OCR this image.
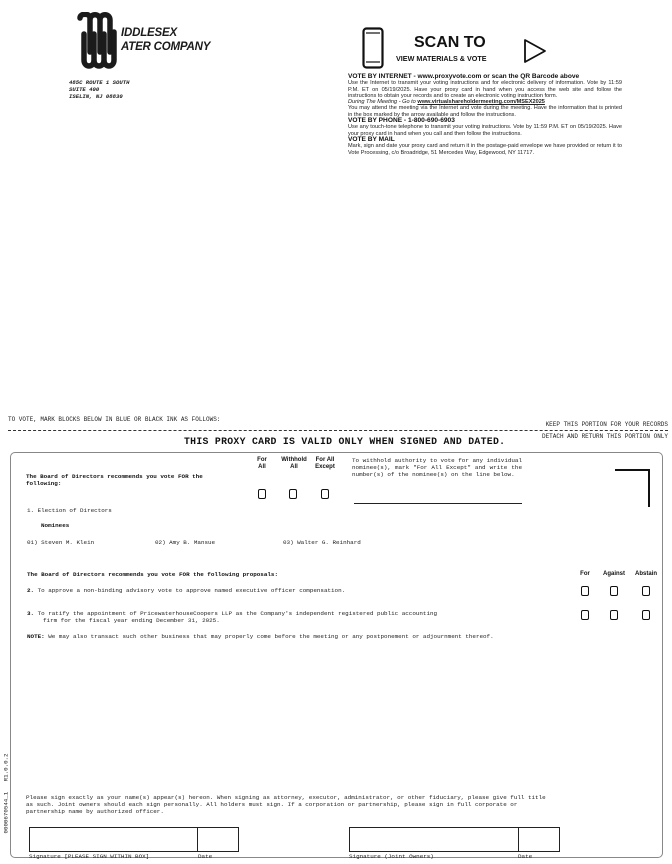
IDDLESEX
ATER COMPANY
485C ROUTE 1 SOUTH
SUITE 400
ISELIN, NJ 08830
SCAN TO
VIEW MATERIALS & VOTE
VOTE BY INTERNET - www.proxyvote.com or scan the QR Barcode above
Use the Internet to transmit your voting instructions and for electronic delivery of information. Vote by 11:59 P.M. ET on 05/19/2025. Have your proxy card in hand when you access the web site and follow the instructions to obtain your records and to create an electronic voting instruction form.
During The Meeting - Go to www.virtualshareholdermeeting.com/MSEX2025
You may attend the meeting via the Internet and vote during the meeting. Have the information that is printed in the box marked by the arrow available and follow the instructions.
VOTE BY PHONE - 1-800-690-6903
Use any touch-tone telephone to transmit your voting instructions. Vote by 11:59 P.M. ET on 05/19/2025. Have your proxy card in hand when you call and then follow the instructions.
VOTE BY MAIL
Mark, sign and date your proxy card and return it in the postage-paid envelope we have provided or return it to Vote Processing, c/o Broadridge, 51 Mercedes Way, Edgewood, NY 11717.
TO VOTE, MARK BLOCKS BELOW IN BLUE OR BLACK INK AS FOLLOWS:
KEEP THIS PORTION FOR YOUR RECORDS
DETACH AND RETURN THIS PORTION ONLY
THIS PROXY CARD IS VALID ONLY WHEN SIGNED AND DATED.
The Board of Directors recommends you vote FOR the following:
For
All
Withhold
All
For All
Except
To withhold authority to vote for any individual nominee(s), mark "For All Except" and write the number(s) of the nominee(s) on the line below.
1. Election of Directors
Nominees
01) Steven M. Klein	02) Amy B. Mansue	03) Walter G. Reinhard
The Board of Directors recommends you vote FOR the following proposals:	For	Against	Abstain
2. To approve a non-binding advisory vote to approve named executive officer compensation.
3. To ratify the appointment of PricewaterhouseCoopers LLP as the Company's independent registered public accounting firm for the fiscal year ending December 31, 2025.
NOTE: We may also transact such other business that may properly come before the meeting or any postponement or adjournment thereof.
Please sign exactly as your name(s) appear(s) hereon. When signing as attorney, executor, administrator, or other fiduciary, please give full title as such. Joint owners should each sign personally. All holders must sign. If a corporation or partnership, please sign in full corporate or partnership name by authorized officer.
Signature [PLEASE SIGN WITHIN BOX]	Date	Signature (Joint Owners)	Date
0000670544_1   R1.0.0.2
